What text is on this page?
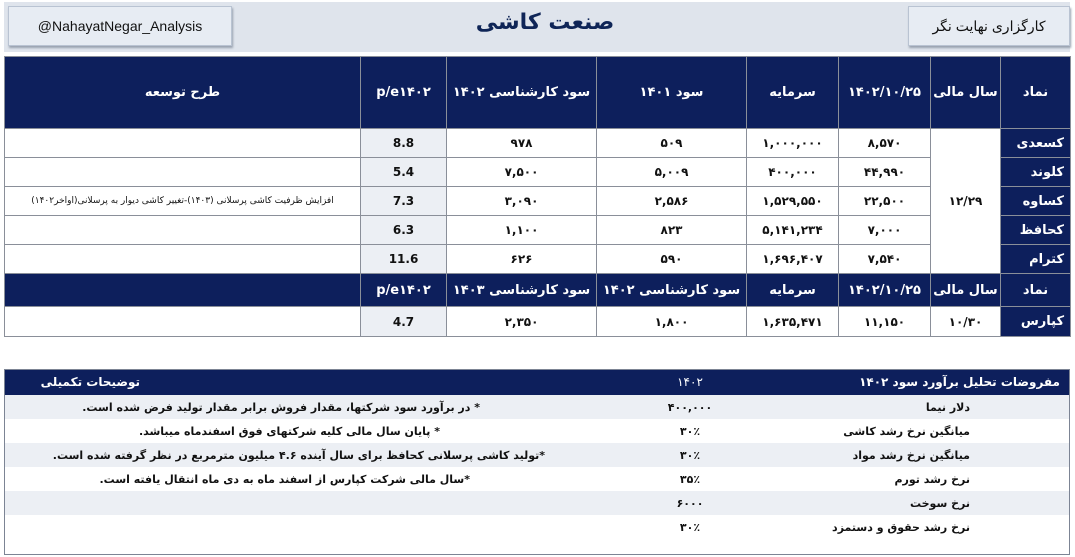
@NahayatNegar_Analysis	صنعت کاشی	کارگزاری نهایت نگر
نماد	سال مالی	۱۴۰۲/۱۰/۲۵	سرمایه	سود ۱۴۰۱	سود کارشناسی ۱۴۰۲	p/e۱۴۰۲	طرح توسعه
کسعدی	۱۲/۲۹	۸,۵۷۰	۱,۰۰۰,۰۰۰	۵۰۹	۹۷۸	8.8	
کلوند		۴۴,۹۹۰	۴۰۰,۰۰۰	۵,۰۰۹	۷,۵۰۰	5.4	
کساوه		۲۲,۵۰۰	۱,۵۲۹,۵۵۰	۲,۵۸۶	۳,۰۹۰	7.3	افزایش ظرفیت کاشی پرسلانی (۱۴۰۳)-تغییر کاشی دیوار به پرسلانی(اواخر۱۴۰۲)
کحافظ		۷,۰۰۰	۵,۱۴۱,۲۳۴	۸۲۳	۱,۱۰۰	6.3	
کترام		۷,۵۴۰	۱,۶۹۶,۴۰۷	۵۹۰	۶۲۶	11.6	
نماد	سال مالی	۱۴۰۲/۱۰/۲۵	سرمایه	سود کارشناسی ۱۴۰۲	سود کارشناسی ۱۴۰۳	p/e۱۴۰۲	
کپارس	۱۰/۳۰	۱۱,۱۵۰	۱,۶۳۵,۴۷۱	۱,۸۰۰	۲,۳۵۰	4.7	
مفروضات تحلیل برآورد سود ۱۴۰۲	۱۴۰۲	توضیحات تکمیلی
دلار نیما	۴۰۰,۰۰۰	* در برآورد سود شرکتها، مقدار فروش برابر مقدار تولید فرض شده است.
میانگین نرخ رشد کاشی	۳۰٪	* پایان سال مالی کلیه شرکتهای فوق اسفندماه میباشد.
میانگین نرخ رشد مواد	۳۰٪	*تولید کاشی پرسلانی کحافظ برای سال آینده ۴.۶ میلیون مترمربع در نظر گرفته شده است.
نرخ رشد تورم	۳۵٪	*سال مالی شرکت کپارس از اسفند ماه به دی ماه انتقال یافته است.
نرخ سوخت	۶۰۰۰	
نرخ رشد حقوق و دستمزد	۳۰٪	
